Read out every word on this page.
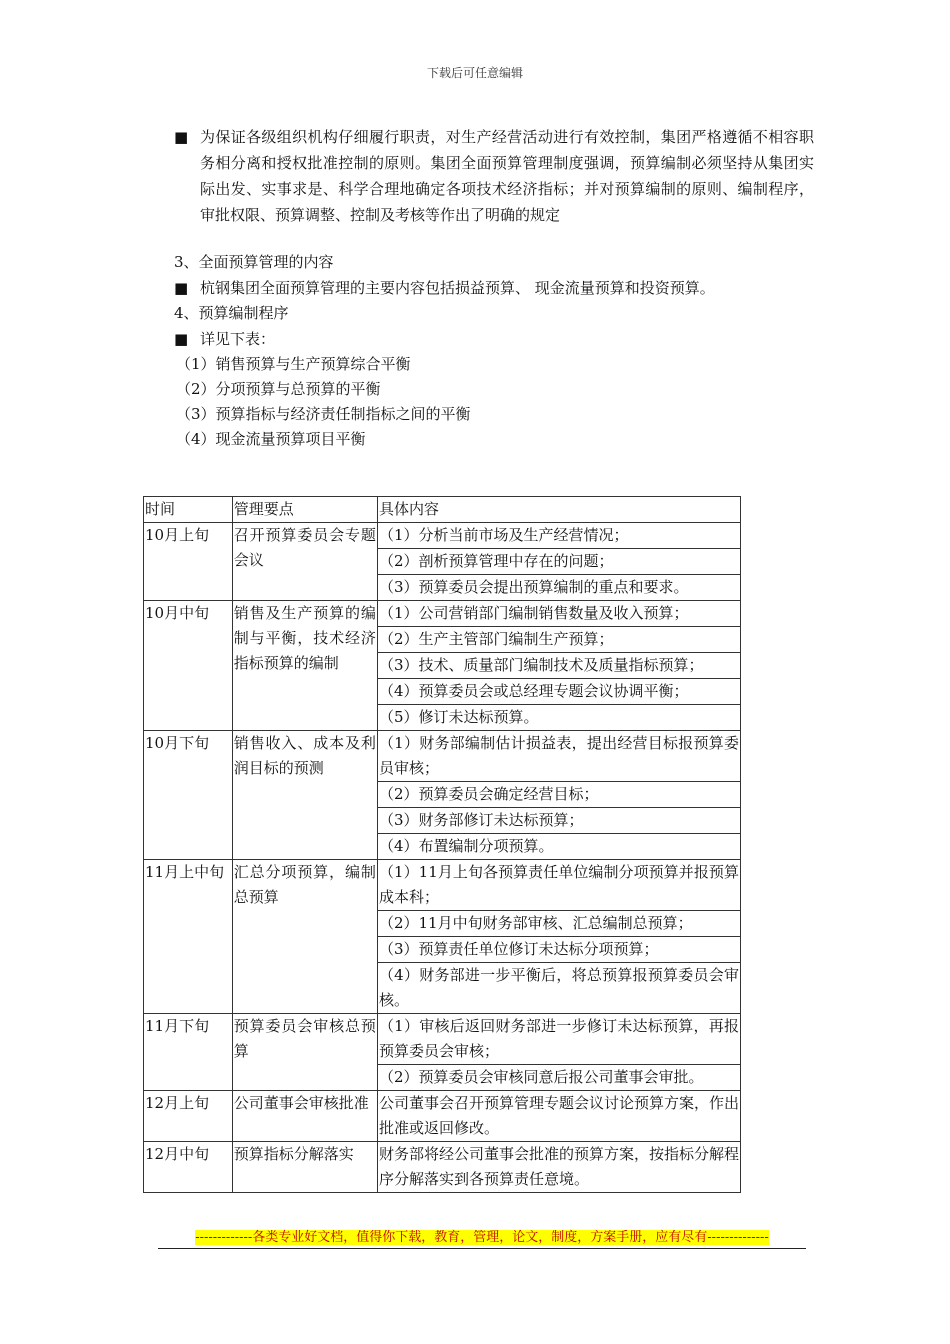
下载后可任意编辑
■ 为保证各级组织机构仔细履行职责，对生产经营活动进行有效控制，集团严格遵循不相容职务相分离和授权批准控制的原则。集团全面预算管理制度强调，预算编制必须坚持从集团实际出发、实事求是、科学合理地确定各项技术经济指标；并对预算编制的原则、编制程序，审批权限、预算调整、控制及考核等作出了明确的规定
3、全面预算管理的内容
■ 杭钢集团全面预算管理的主要内容包括损益预算、 现金流量预算和投资预算。
4、预算编制程序
■ 详见下表：
（1）销售预算与生产预算综合平衡
（2）分项预算与总预算的平衡
（3）预算指标与经济责任制指标之间的平衡
（4）现金流量预算项目平衡
时间	管理要点	具体内容
10月上旬	召开预算委员会专题会议	（1）分析当前市场及生产经营情况；
		（2）剖析预算管理中存在的问题；
		（3）预算委员会提出预算编制的重点和要求。
10月中旬	销售及生产预算的编制与平衡，技术经济指标预算的编制	（1）公司营销部门编制销售数量及收入预算；
		（2）生产主管部门编制生产预算；
		（3）技术、质量部门编制技术及质量指标预算；
		（4）预算委员会或总经理专题会议协调平衡；
		（5）修订未达标预算。
10月下旬	销售收入、成本及利润目标的预测	（1）财务部编制估计损益表，提出经营目标报预算委员审核；
		（2）预算委员会确定经营目标；
		（3）财务部修订未达标预算；
		（4）布置编制分项预算。
11月上中旬	汇总分项预算，编制总预算	（1）11月上旬各预算责任单位编制分项预算并报预算成本科；
		（2）11月中旬财务部审核、汇总编制总预算；
		（3）预算责任单位修订未达标分项预算；
		（4）财务部进一步平衡后，将总预算报预算委员会审核。
11月下旬	预算委员会审核总预算	（1）审核后返回财务部进一步修订未达标预算，再报预算委员会审核；
		（2）预算委员会审核同意后报公司董事会审批。
12月上旬	公司董事会审核批准	公司董事会召开预算管理专题会议讨论预算方案，作出批准或返回修改。
12月中旬	预算指标分解落实	财务部将经公司董事会批准的预算方案，按指标分解程序分解落实到各预算责任意境。
-------------各类专业好文档，值得你下载，教育，管理，论文，制度，方案手册，应有尽有--------------
